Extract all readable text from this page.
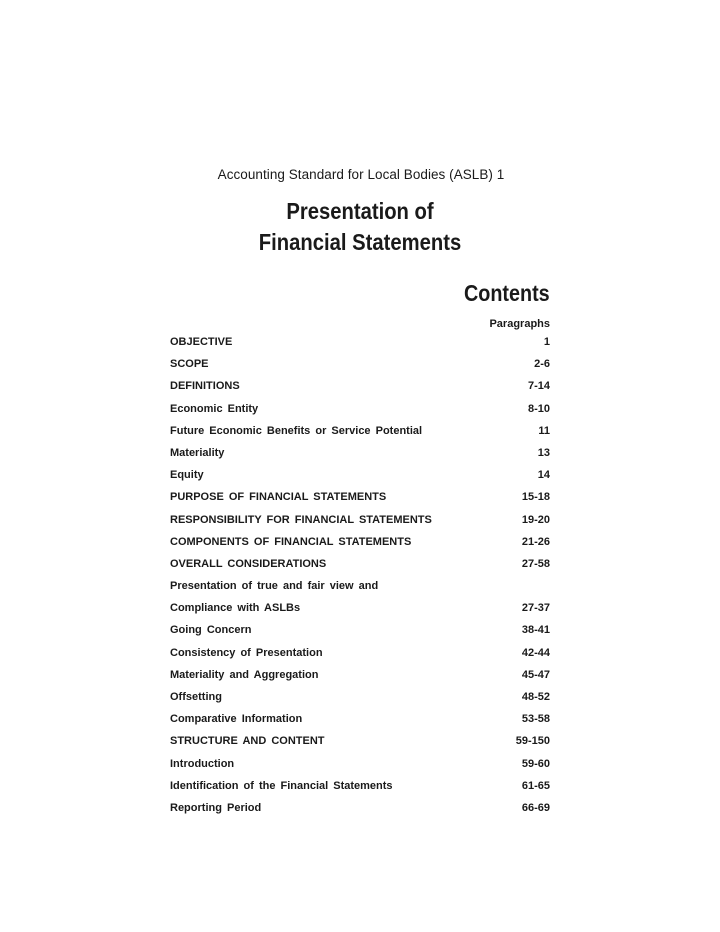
Accounting Standard for Local Bodies (ASLB) 1
Presentation of
Financial Statements
Contents
Paragraphs
OBJECTIVE	1
SCOPE	2-6
DEFINITIONS	7-14
Economic Entity	8-10
Future Economic Benefits or Service Potential	11
Materiality	13
Equity	14
PURPOSE OF FINANCIAL STATEMENTS	15-18
RESPONSIBILITY FOR FINANCIAL STATEMENTS	19-20
COMPONENTS OF FINANCIAL STATEMENTS	21-26
OVERALL CONSIDERATIONS	27-58
Presentation of true and fair view and
Compliance with ASLBs	27-37
Going Concern	38-41
Consistency of Presentation	42-44
Materiality and Aggregation	45-47
Offsetting	48-52
Comparative Information	53-58
STRUCTURE AND CONTENT	59-150
Introduction	59-60
Identification of the Financial Statements	61-65
Reporting Period	66-69
